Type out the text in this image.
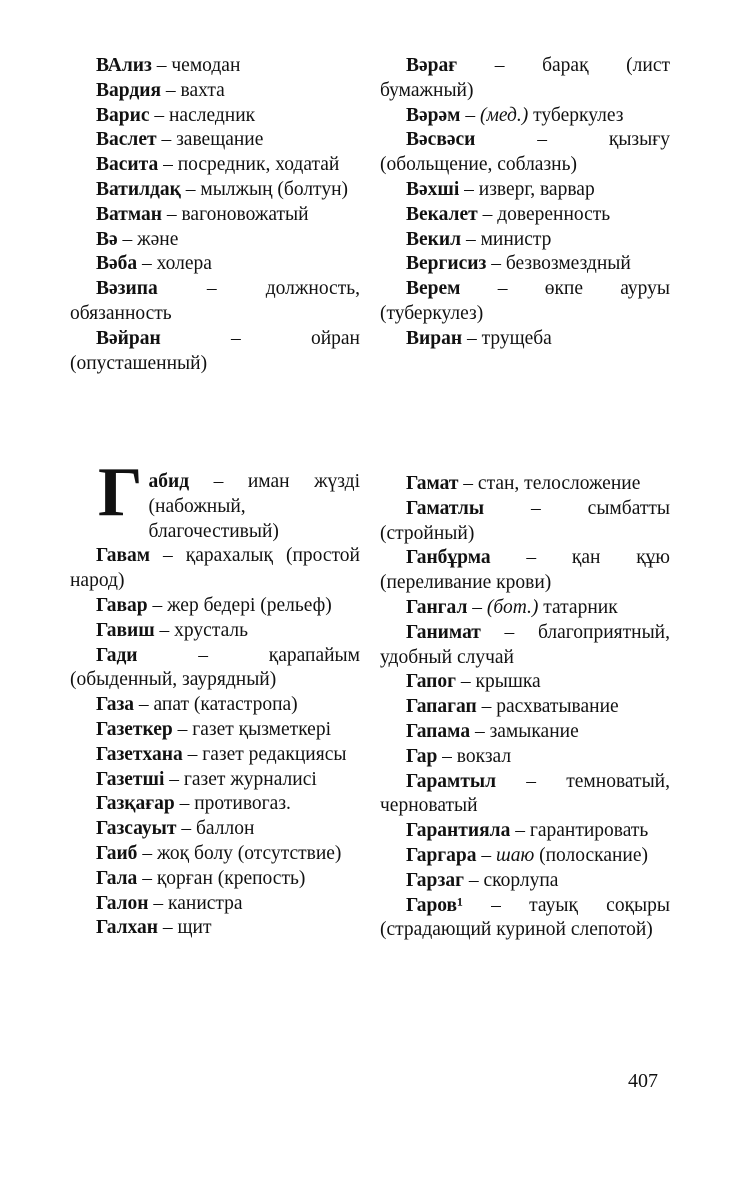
ВАлиз – чемодан

Вардия – вахта

Варис – наследник

Васлет – завещание

Васита – посредник, ходатай

Ватилдақ – мылжың (болтун)

Ватман – вагоновожатый

Вә – және

Вәба – холера

Вәзипа – должность, обязанность

Вәйран – ойран (опусташенный)

Вәрағ – барақ (лист бумажный)

Вәрәм – (мед.) туберкулез

Вәсвәси – қызығу (обольщение, соблазнь)

Вәхші – изверг, варвар

Векалет – доверенность

Векил – министр

Вергисиз – безвозмездный

Верем – өкпе ауруы (туберкулез)

Виран – трущеба

Г абид – иман жүзді (набожный, благочестивый)

Гавам – қарахалық (простой народ)

Гавар – жер бедері (рельеф)

Гавиш – хрусталь

Гади – қарапайым (обыденный, заурядный)

Газа – апат (катастропа)

Газеткер – газет қызметкері

Газетхана – газет редакциясы

Газетші – газет журналисі

Газқағар – противогаз.

Газсауыт – баллон

Гаиб – жоқ болу (отсутствие)

Гала – қорған (крепость)

Галон – канистра

Галхан – щит

Гамат – стан, телосложение

Гаматлы – сымбатты (стройный)

Ганбұрма – қан құю (переливание крови)

Гангал – (бот.) татарник

Ганимат – благоприятный, удобный случай

Гапог – крышка

Гапагап – расхватывание

Гапама – замыкание

Гар – вокзал

Гарамтыл – темноватый, черноватый

Гарантияла – гарантировать

Гаргара – шаю (полоскание)

Гарзаг – скорлупа

Гаров¹ – тауық соқыры (страдающий куриной слепотой)

407
